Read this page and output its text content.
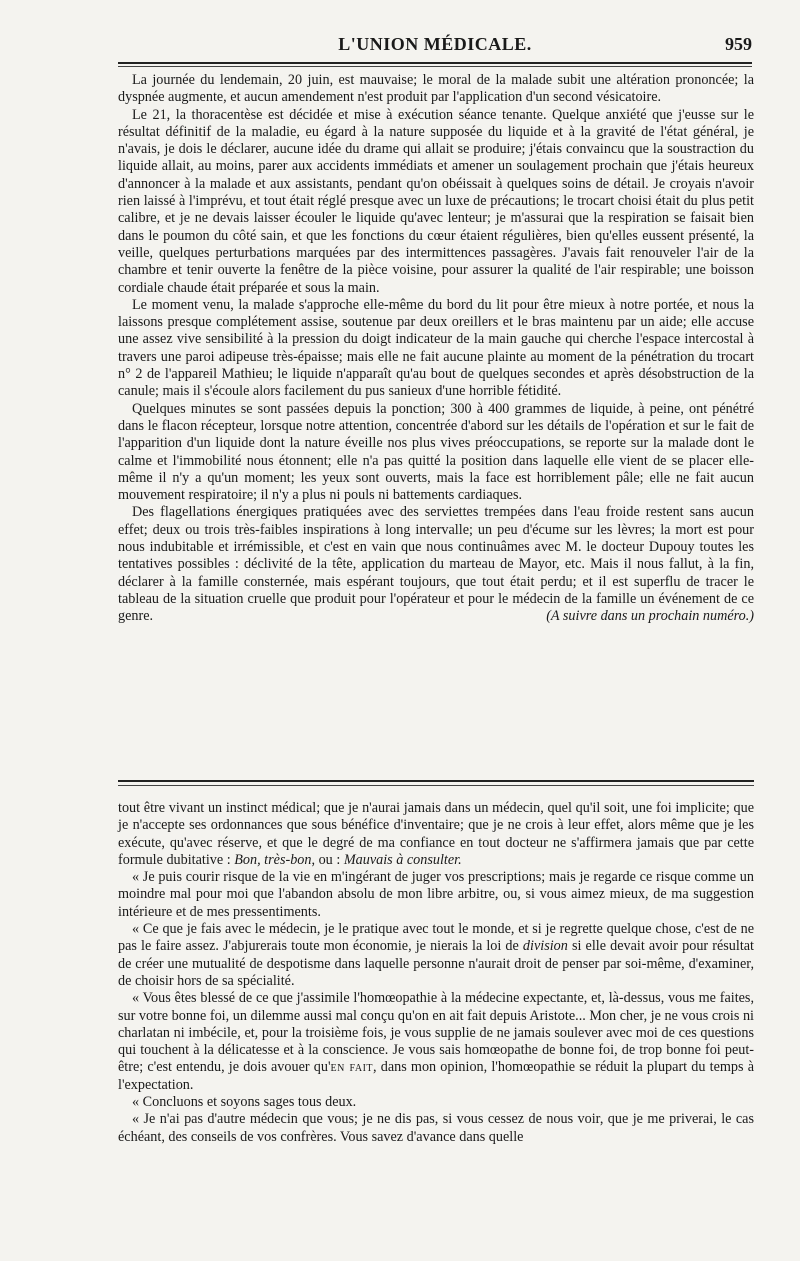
L'UNION MÉDICALE.	959

La journée du lendemain, 20 juin, est mauvaise; le moral de la malade subit une altération prononcée; la dyspnée augmente, et aucun amendement n'est produit par l'application d'un second vésicatoire.

Le 21, la thoracentèse est décidée et mise à exécution séance tenante. Quelque anxiété que j'eusse sur le résultat définitif de la maladie, eu égard à la nature supposée du liquide et à la gravité de l'état général, je n'avais, je dois le déclarer, aucune idée du drame qui allait se produire; j'étais convaincu que la soustraction du liquide allait, au moins, parer aux accidents immédiats et amener un soulagement prochain que j'étais heureux d'annoncer à la malade et aux assistants, pendant qu'on obéissait à quelques soins de détail. Je croyais n'avoir rien laissé à l'imprévu, et tout était réglé presque avec un luxe de précautions; le trocart choisi était du plus petit calibre, et je ne devais laisser écouler le liquide qu'avec lenteur; je m'assurai que la respiration se faisait bien dans le poumon du côté sain, et que les fonctions du cœur étaient régulières, bien qu'elles eussent présenté, la veille, quelques perturbations marquées par des intermittences passagères. J'avais fait renouveler l'air de la chambre et tenir ouverte la fenêtre de la pièce voisine, pour assurer la qualité de l'air respirable; une boisson cordiale chaude était préparée et sous la main.

Le moment venu, la malade s'approche elle-même du bord du lit pour être mieux à notre portée, et nous la laissons presque complétement assise, soutenue par deux oreillers et le bras maintenu par un aide; elle accuse une assez vive sensibilité à la pression du doigt indicateur de la main gauche qui cherche l'espace intercostal à travers une paroi adipeuse très-épaisse; mais elle ne fait aucune plainte au moment de la pénétration du trocart n° 2 de l'appareil Mathieu; le liquide n'apparaît qu'au bout de quelques secondes et après désobstruction de la canule; mais il s'écoule alors facilement du pus sanieux d'une horrible fétidité.

Quelques minutes se sont passées depuis la ponction; 300 à 400 grammes de liquide, à peine, ont pénétré dans le flacon récepteur, lorsque notre attention, concentrée d'abord sur les détails de l'opération et sur le fait de l'apparition d'un liquide dont la nature éveille nos plus vives préoccupations, se reporte sur la malade dont le calme et l'immobilité nous étonnent; elle n'a pas quitté la position dans laquelle elle vient de se placer elle-même il n'y a qu'un moment; les yeux sont ouverts, mais la face est horriblement pâle; elle ne fait aucun mouvement respiratoire; il n'y a plus ni pouls ni battements cardiaques.

Des flagellations énergiques pratiquées avec des serviettes trempées dans l'eau froide restent sans aucun effet; deux ou trois très-faibles inspirations à long intervalle; un peu d'écume sur les lèvres; la mort est pour nous indubitable et irrémissible, et c'est en vain que nous continuâmes avec M. le docteur Dupouy toutes les tentatives possibles : déclivité de la tête, application du marteau de Mayor, etc. Mais il nous fallut, à la fin, déclarer à la famille consternée, mais espérant toujours, que tout était perdu; et il est superflu de tracer le tableau de la situation cruelle que produit pour l'opérateur et pour le médecin de la famille un événement de ce genre.	(A suivre dans un prochain numéro.)

tout être vivant un instinct médical; que je n'aurai jamais dans un médecin, quel qu'il soit, une foi implicite; que je n'accepte ses ordonnances que sous bénéfice d'inventaire; que je ne crois à leur effet, alors même que je les exécute, qu'avec réserve, et que le degré de ma confiance en tout docteur ne s'affirmera jamais que par cette formule dubitative : Bon, très-bon, ou : Mauvais à consulter.

« Je puis courir risque de la vie en m'ingérant de juger vos prescriptions; mais je regarde ce risque comme un moindre mal pour moi que l'abandon absolu de mon libre arbitre, ou, si vous aimez mieux, de ma suggestion intérieure et de mes pressentiments.

« Ce que je fais avec le médecin, je le pratique avec tout le monde, et si je regrette quelque chose, c'est de ne pas le faire assez. J'abjurerais toute mon économie, je nierais la loi de division si elle devait avoir pour résultat de créer une mutualité de despotisme dans laquelle personne n'aurait droit de penser par soi-même, d'examiner, de choisir hors de sa spécialité.

« Vous êtes blessé de ce que j'assimile l'homœopathie à la médecine expectante, et, là-dessus, vous me faites, sur votre bonne foi, un dilemme aussi mal conçu qu'on en ait fait depuis Aristote... Mon cher, je ne vous crois ni charlatan ni imbécile, et, pour la troisième fois, je vous supplie de ne jamais soulever avec moi de ces questions qui touchent à la délicatesse et à la conscience. Je vous sais homœopathe de bonne foi, de trop bonne foi peut-être; c'est entendu, je dois avouer qu'en fait, dans mon opinion, l'homœopathie se réduit la plupart du temps à l'expectation.

« Concluons et soyons sages tous deux.

« Je n'ai pas d'autre médecin que vous; je ne dis pas, si vous cessez de nous voir, que je me priverai, le cas échéant, des conseils de vos confrères. Vous savez d'avance dans quelle
